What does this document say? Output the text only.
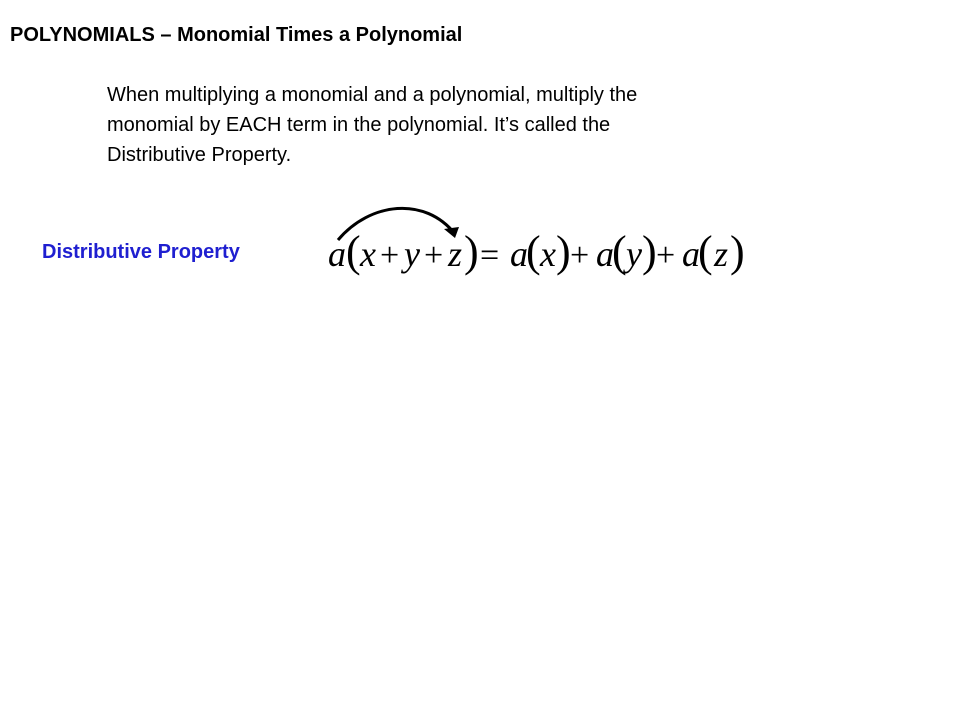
POLYNOMIALS – Monomial Times a Polynomial
When multiplying a monomial and a polynomial, multiply the
monomial by EACH term in the polynomial. It’s called the
Distributive Property.
Distributive Property a ( x + y + z ) = a
( x ) + a
( y ) + a
( z )
